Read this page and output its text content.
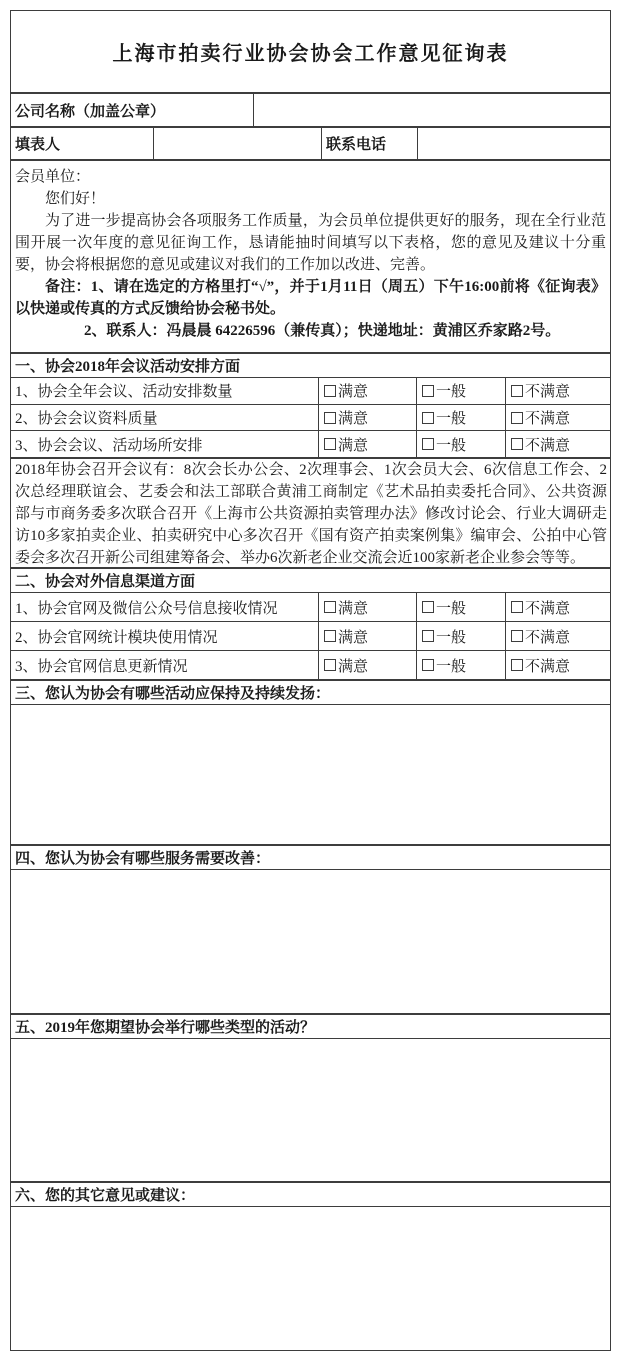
上海市拍卖行业协会协会工作意见征询表
公司名称（加盖公章）
填表人	联系电话

会员单位：

您们好！

为了进一步提高协会各项服务工作质量，为会员单位提供更好的服务，现在全行业范围开展一次年度的意见征询工作，恳请能抽时间填写以下表格，您的意见及建议十分重要，协会将根据您的意见或建议对我们的工作加以改进、完善。

备注：1、请在选定的方格里打“√”，并于1月11日（周五）下午16:00前将《征询表》以快递或传真的方式反馈给协会秘书处。

2、联系人：冯晨晨 64226596（兼传真）；快递地址：黄浦区乔家路2号。

一、协会2018年会议活动安排方面
1、协会全年会议、活动安排数量	满意	一般	不满意
2、协会会议资料质量	满意	一般	不满意
3、协会会议、活动场所安排	满意	一般	不满意

2018年协会召开会议有：8次会长办公会、2次理事会、1次会员大会、6次信息工作会、2次总经理联谊会、艺委会和法工部联合黄浦工商制定《艺术品拍卖委托合同》、公共资源部与市商务委多次联合召开《上海市公共资源拍卖管理办法》修改讨论会、行业大调研走访10多家拍卖企业、拍卖研究中心多次召开《国有资产拍卖案例集》编审会、公拍中心管委会多次召开新公司组建筹备会、举办6次新老企业交流会近100家新老企业参会等等。

二、协会对外信息渠道方面
1、协会官网及微信公众号信息接收情况	满意	一般	不满意
2、协会官网统计模块使用情况	满意	一般	不满意
3、协会官网信息更新情况	满意	一般	不满意
三、您认为协会有哪些活动应保持及持续发扬：
四、您认为协会有哪些服务需要改善：
五、2019年您期望协会举行哪些类型的活动？
六、您的其它意见或建议：
